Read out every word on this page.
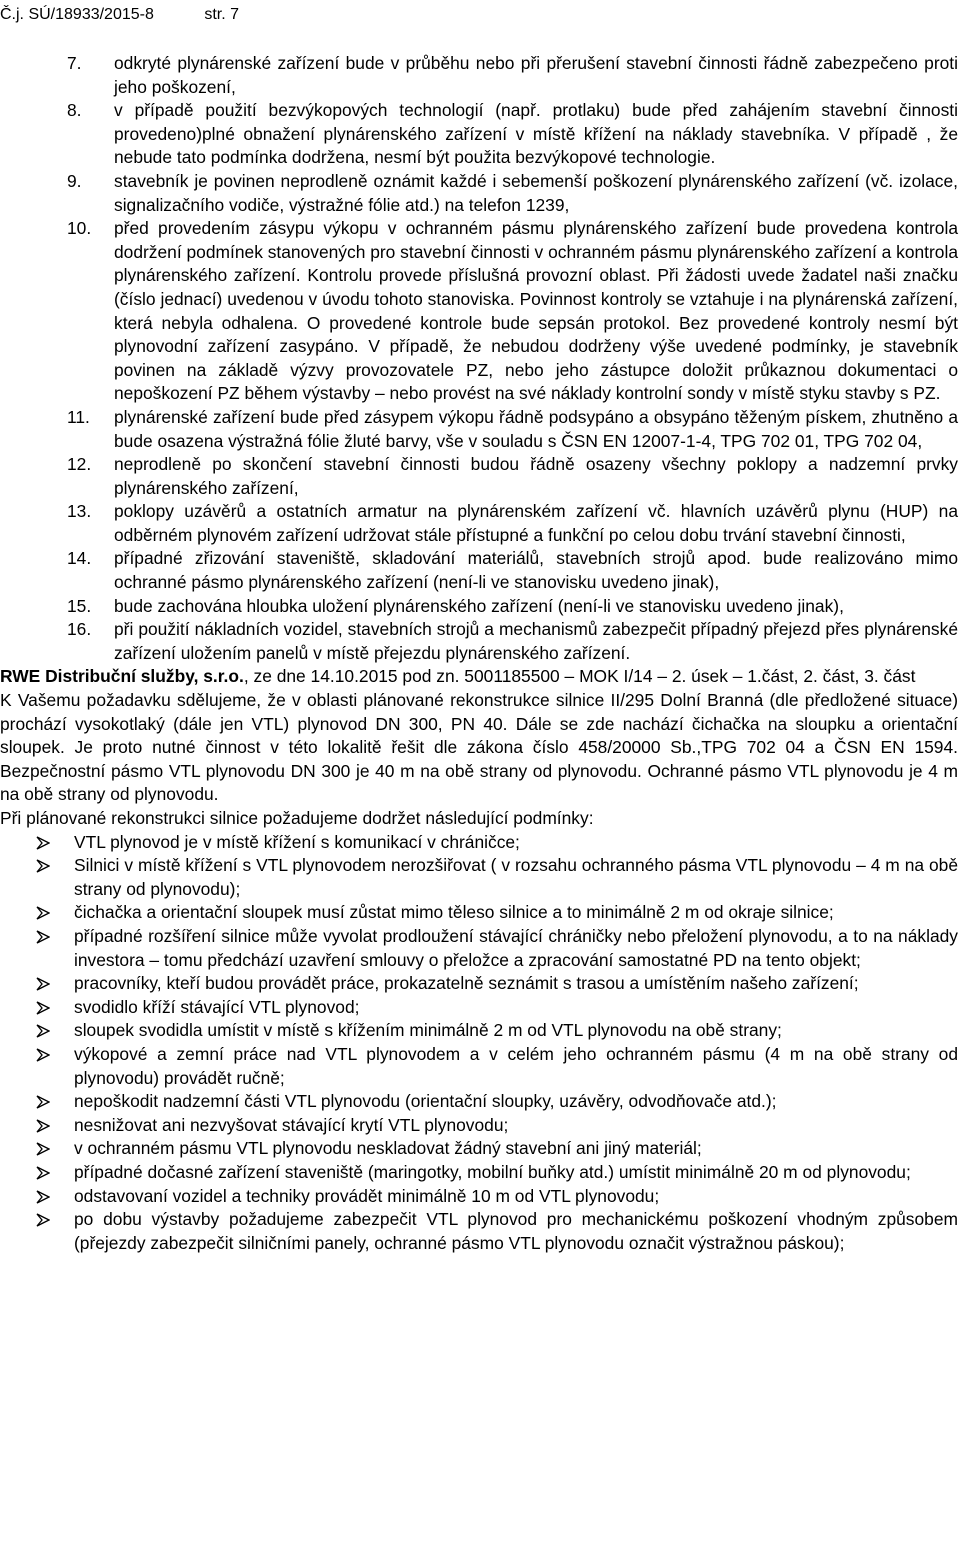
Č.j. SÚ/18933/2015-8	str. 7
7. odkryté plynárenské zařízení bude v průběhu nebo při přerušení stavební činnosti řádně zabezpečeno proti jeho poškození,
8. v případě použití bezvýkopových technologií (např. protlaku) bude před zahájením stavební činnosti provedeno)plné obnažení plynárenského zařízení v místě křížení na náklady stavebníka. V případě , že nebude tato podmínka dodržena, nesmí být použita bezvýkopové technologie.
9. stavebník je povinen neprodleně oznámit každé i sebemenší poškození plynárenského zařízení (vč. izolace, signalizačního vodiče, výstražné fólie atd.) na telefon 1239,
10. před provedením zásypu výkopu v ochranném pásmu plynárenského zařízení bude provedena kontrola dodržení podmínek stanovených pro stavební činnosti v ochranném pásmu plynárenského zařízení a kontrola plynárenského zařízení. Kontrolu provede příslušná provozní oblast. Při žádosti uvede žadatel naši značku (číslo jednací) uvedenou v úvodu tohoto stanoviska. Povinnost kontroly se vztahuje i na plynárenská zařízení, která nebyla odhalena. O provedené kontrole bude sepsán protokol. Bez provedené kontroly nesmí být plynovodní zařízení zasypáno. V případě, že nebudou dodrženy výše uvedené podmínky, je stavebník povinen na základě výzvy provozovatele PZ, nebo jeho zástupce doložit průkaznou dokumentaci o nepoškození PZ během výstavby – nebo provést na své náklady kontrolní sondy v místě styku stavby s PZ.
11. plynárenské zařízení bude před zásypem výkopu řádně podsypáno a obsypáno těženým pískem, zhutněno a bude osazena výstražná fólie žluté barvy, vše v souladu s ČSN EN 12007-1-4, TPG 702 01, TPG 702 04,
12. neprodleně po skončení stavební činnosti budou řádně osazeny všechny poklopy a nadzemní prvky plynárenského zařízení,
13. poklopy uzávěrů a ostatních armatur na plynárenském zařízení vč. hlavních uzávěrů plynu (HUP) na odběrném plynovém zařízení udržovat stále přístupné a funkční po celou dobu trvání stavební činnosti,
14. případné zřizování staveniště, skladování materiálů, stavebních strojů apod. bude realizováno mimo ochranné pásmo plynárenského zařízení (není-li ve stanovisku uvedeno jinak),
15. bude zachována hloubka uložení plynárenského zařízení (není-li ve stanovisku uvedeno jinak),
16. při použití nákladních vozidel, stavebních strojů a mechanismů zabezpečit případný přejezd přes plynárenské zařízení uložením panelů v místě přejezdu plynárenského zařízení.

RWE Distribuční služby, s.r.o., ze dne 14.10.2015 pod zn. 5001185500 – MOK I/14 – 2. úsek – 1.část, 2. část, 3. část

K Vašemu požadavku sdělujeme, že v oblasti plánované rekonstrukce silnice II/295 Dolní Branná (dle předložené situace) prochází vysokotlaký (dále jen VTL) plynovod DN 300, PN 40. Dále se zde nachází čichačka na sloupku a orientační sloupek. Je proto nutné činnost v této lokalitě řešit dle zákona číslo 458/20000 Sb.,TPG 702 04 a ČSN EN 1594. Bezpečnostní pásmo VTL plynovodu DN 300 je 40 m na obě strany od plynovodu. Ochranné pásmo VTL plynovodu je 4 m na obě strany od plynovodu.

Při plánované rekonstrukci silnice požadujeme dodržet následující podmínky:

VTL plynovod je v místě křížení s komunikací v chráničce;
Silnici v místě křížení s VTL plynovodem nerozšiřovat ( v rozsahu ochranného pásma VTL plynovodu – 4 m na obě strany od plynovodu);
čichačka a orientační sloupek musí zůstat mimo těleso silnice a to minimálně 2 m od okraje silnice;
případné rozšíření silnice může vyvolat prodloužení stávající chráničky nebo přeložení plynovodu, a to na náklady investora – tomu předchází uzavření smlouvy o přeložce a zpracování samostatné PD na tento objekt;
pracovníky, kteří budou provádět práce, prokazatelně seznámit s trasou a umístěním našeho zařízení;
svodidlo kříží stávající VTL plynovod;
sloupek svodidla umístit v místě s křížením minimálně 2 m od VTL plynovodu na obě strany;
výkopové a zemní práce nad VTL plynovodem a v celém jeho ochranném pásmu (4 m na obě strany od plynovodu) provádět ručně;
nepoškodit nadzemní části VTL plynovodu (orientační sloupky, uzávěry, odvodňovače atd.);
nesnižovat ani nezvyšovat stávající krytí VTL plynovodu;
v ochranném pásmu VTL plynovodu neskladovat žádný stavební ani jiný materiál;
případné dočasné zařízení staveniště (maringotky, mobilní buňky atd.) umístit minimálně 20 m od plynovodu;
odstavovaní vozidel a techniky provádět minimálně 10 m od VTL plynovodu;
po dobu výstavby požadujeme zabezpečit VTL plynovod pro mechanickému poškození vhodným způsobem (přejezdy zabezpečit silničními panely, ochranné pásmo VTL plynovodu označit výstražnou páskou);
